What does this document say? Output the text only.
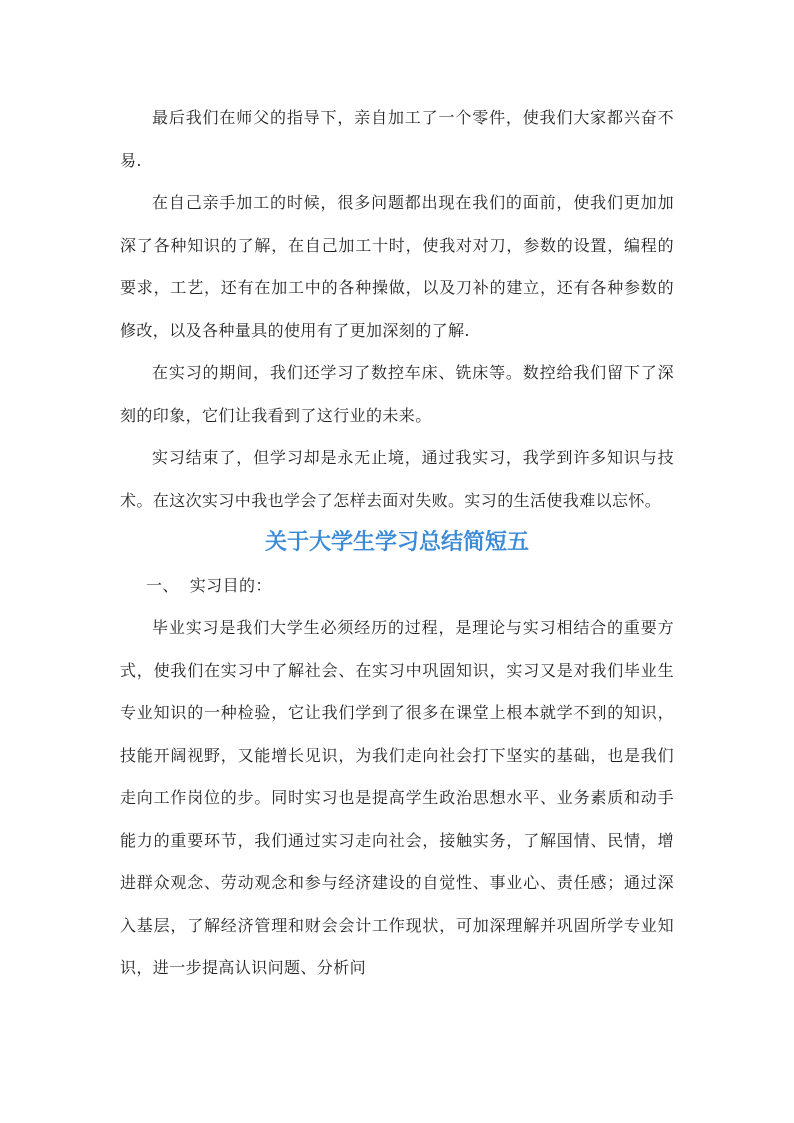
最后我们在师父的指导下，亲自加工了一个零件，使我们大家都兴奋不易.

在自己亲手加工的时候，很多问题都出现在我们的面前，使我们更加加深了各种知识的了解，在自己加工十时，使我对对刀，参数的设置，编程的要求，工艺，还有在加工中的各种操做，以及刀补的建立，还有各种参数的修改，以及各种量具的使用有了更加深刻的了解.

在实习的期间，我们还学习了数控车床、铣床等。数控给我们留下了深刻的印象，它们让我看到了这行业的未来。

实习结束了，但学习却是永无止境，通过我实习，我学到许多知识与技术。在这次实习中我也学会了怎样去面对失败。实习的生活使我难以忘怀。

关于大学生学习总结简短五

一、  实习目的：

毕业实习是我们大学生必须经历的过程，是理论与实习相结合的重要方式，使我们在实习中了解社会、在实习中巩固知识，实习又是对我们毕业生专业知识的一种检验，它让我们学到了很多在课堂上根本就学不到的知识，技能开阔视野，又能增长见识，为我们走向社会打下坚实的基础，也是我们走向工作岗位的步。同时实习也是提高学生政治思想水平、业务素质和动手能力的重要环节，我们通过实习走向社会，接触实务，了解国情、民情，增进群众观念、劳动观念和参与经济建设的自觉性、事业心、责任感；通过深入基层，了解经济管理和财会会计工作现状，可加深理解并巩固所学专业知识，进一步提高认识问题、分析问
